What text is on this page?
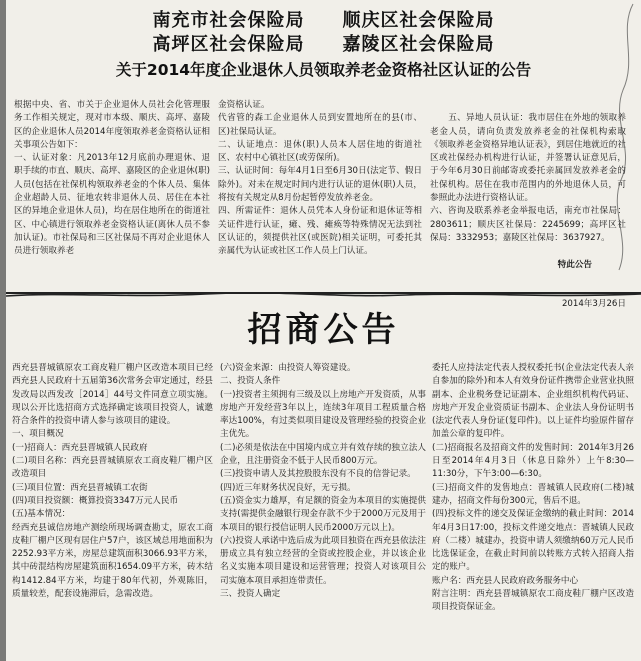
南充市社会保险局 顺庆区社会保险局
高坪区社会保险局 嘉陵区社会保险局
关于2014年度企业退休人员领取养老金资格社区认证的公告
根据中央、省、市关于企业退休人员社会化管理服务工作相关规定，现对市本级、顺庆、高坪、嘉陵区的企业退休人员2014年度领取养老金资格认证相关事项公告如下：
一、认证对象：凡2013年12月底前办理退休、退职手续的市直、顺庆、高坪、嘉陵区的企业退休(职)人员(包括在社保机构领取养老金的个体人员、集体企业超龄人员、征地农转非退休人员、居住在本社区的异地企业退休人员)，均在居住地所在的街道社区、中心镇进行领取养老金资格认证(离休人员不参加认证)。市社保局和三区社保局不再对企业退休人员进行领取养老
金资格认证。
代省管的森工企业退休人员到安置地所在的县(市、区)社保局认证。
二、认证地点：退休(职)人员本人居住地的街道社区、农村中心镇社区(或劳保所)。
三、认证时间：每年4月1日至6月30日(法定节、假日除外)。对未在规定时间内进行认证的退休(职)人员，将按有关规定从8月份起暂停发放养老金。
四、所需证件：退休人员凭本人身份证和退休证等相关证件进行认证，瘫、残、瘫痪等特殊情况无法到社区认证的，须提供社区(或医院)相关证明，可委托其亲属代为认证或社区工作人员上门认证。

五、异地人员认证：我市居住在外地的领取养老金人员，请向负责发放养老金的社保机构索取《领取养老金资格异地认证表》，到居住地就近的社区或社保经办机构进行认证，并签署认证意见后，于今年6月30日前邮寄或委托亲属回发放养老金的社保机构。居住在我市范围内的外地退休人员，可参照此办法进行资格认证。
六、咨询及联系养老金举报电话，南充市社保局：2803611；顺庆区社保局：2245699；高坪区社保局：3332953；嘉陵区社保局：3637927。

特此公告

2014年3月26日

招商公告
西充县晋城镇原农工商皮鞋厂棚户区改造本项目已经西充县人民政府十五届第36次常务会审定通过，经县发改局以西发改［2014］44号文件同意立项实施。现以公开比选招商方式选择确定该项目投资人，诚邀符合条件的投资申请人参与该项目的建设。
一、项目概况
(一)招商人：西充县晋城镇人民政府
(二)项目名称：西充县晋城镇原农工商皮鞋厂棚户区改造项目
(三)项目位置：西充县晋城镇工农街
(四)项目投资额：概算投资3347万元人民币
(五)基本情况：
经西充县诚信房地产测绘所现场调查勘丈，原农工商皮鞋厂棚户区现有居住户57户，该区域总用地面积为2252.93平方米，房屋总建筑面积3066.93平方米，其中砖混结构房屋建筑面积1654.09平方米，砖木结构1412.84平方米，均建于80年代初，外观陈旧，质量较差，配套设施滞后，急需改造。
(六)资金来源：由投资人筹资建设。
二、投资人条件
(一)投资者主须拥有三级及以上房地产开发资质，从事房地产开发经营3年以上，连续3年项目工程质量合格率达100%，有过类似项目建设及管理经验的投资企业主优先。
(二)必须是依法在中国境内成立并有效存续的独立法人企业，且注册资金不低于人民币800万元。
(三)投资申请人及其控股股东没有不良的信誉记录。
(四)近三年财务状况良好，无亏损。
(五)资金实力雄厚，有足额的资金为本项目的实施提供支持(需提供金融银行现金存款不少于2000万元及用于本项目的银行授信证明人民币2000万元以上)。
(六)投资人承诺中选后成为此项目独资在西充县依法注册成立具有独立经营的全资或控股企业，并以该企业名义实施本项目建设和运营管理；投资人对该项目公司实施本项目承担连带责任。
三、投资人确定
委托人应持法定代表人授权委托书(企业法定代表人亲自参加的除外)和本人有效身份证件携带企业营业执照副本、企业税务登记证副本、企业组织机构代码证、房地产开发企业资质证书副本、企业法人身份证明书(法定代表人身份证(复印件)。以上证件均验原件留存加盖公章的复印件。
(二)招商报名及招商文件的发售时间：2014年3月26日至2014年4月3日（休息日除外）上午8:30—11:30分，下午3:00—6:30。
(三)招商文件的发售地点：晋城镇人民政府(二楼)城建办，招商文件每份300元，售后不退。
(四)投标文件的递交及保证金缴纳的截止时间：2014年4月3日17:00，投标文件递交地点：晋城镇人民政府（二楼）城建办，投资申请人须缴纳60万元人民币比选保证金，在截止时间前以转账方式转入招商人指定的账户。
账户名：西充县人民政府政务服务中心
附言注明：西充县晋城镇原农工商皮鞋厂棚户区改造项目投资保证金。
